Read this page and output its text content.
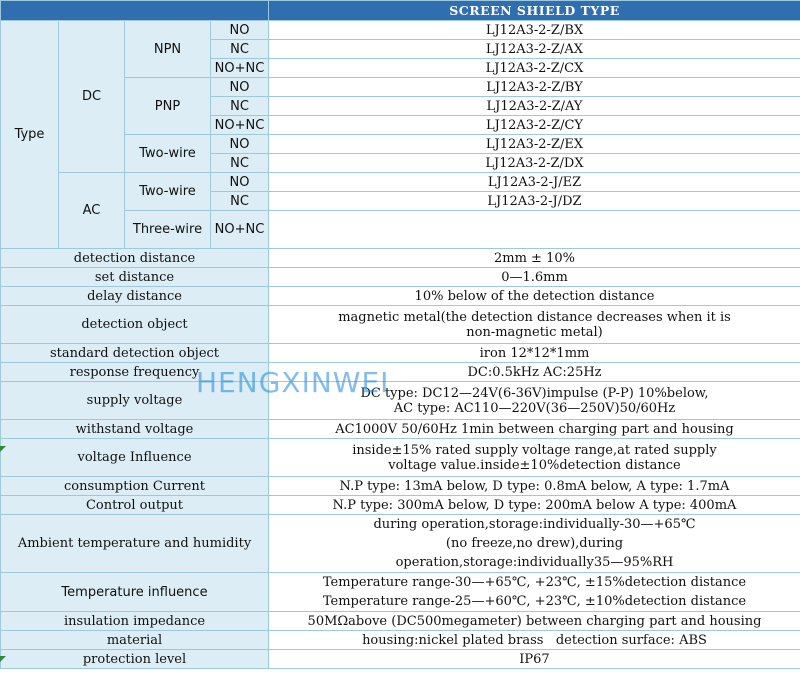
				SCREEN SHIELD TYPE
Type	DC	NPN	NO	LJ12A3-2-Z/BX
			NC	LJ12A3-2-Z/AX
			NO+NC	LJ12A3-2-Z/CX
		PNP	NO	LJ12A3-2-Z/BY
			NC	LJ12A3-2-Z/AY
			NO+NC	LJ12A3-2-Z/CY
		Two-wire	NO	LJ12A3-2-Z/EX
			NC	LJ12A3-2-Z/DX
	AC	Two-wire	NO	LJ12A3-2-J/EZ
			NC	LJ12A3-2-J/DZ
		Three-wire	NO+NC	
detection distance				2mm ± 10%
set distance				0—1.6mm
delay distance				10% below of the detection distance
detection object				magnetic metal(the detection distance decreases when it is
non-magnetic metal)

standard detection object				iron 12*12*1mm
response frequency				DC:0.5kHz AC:25Hz
supply voltage				DC type: DC12—24V(6-36V)impulse (P-P) 10%below,
AC type: AC110—220V(36—250V)50/60Hz

withstand voltage				AC1000V 50/60Hz 1min between charging part and housing
voltage Influence				inside±15% rated supply voltage range,at rated supply
voltage value.inside±10%detection distance

consumption Current				N.P type: 13mA below, D type: 0.8mA below, A type: 1.7mA
Control output				N.P type: 300mA below, D type: 200mA below A type: 400mA
Ambient temperature and humidity				during operation,storage:individually-30—+65℃
(no freeze,no drew),during
operation,storage:individually35—95%RH

Temperature influence				Temperature range-30—+65℃, +23℃, ±15%detection distance
Temperature range-25—+60℃, +23℃, ±10%detection distance

insulation impedance				50MΩabove (DC500megameter) between charging part and housing
material				housing:nickel plated brass   detection surface: ABS
protection level				IP67
HENGXINWEI
